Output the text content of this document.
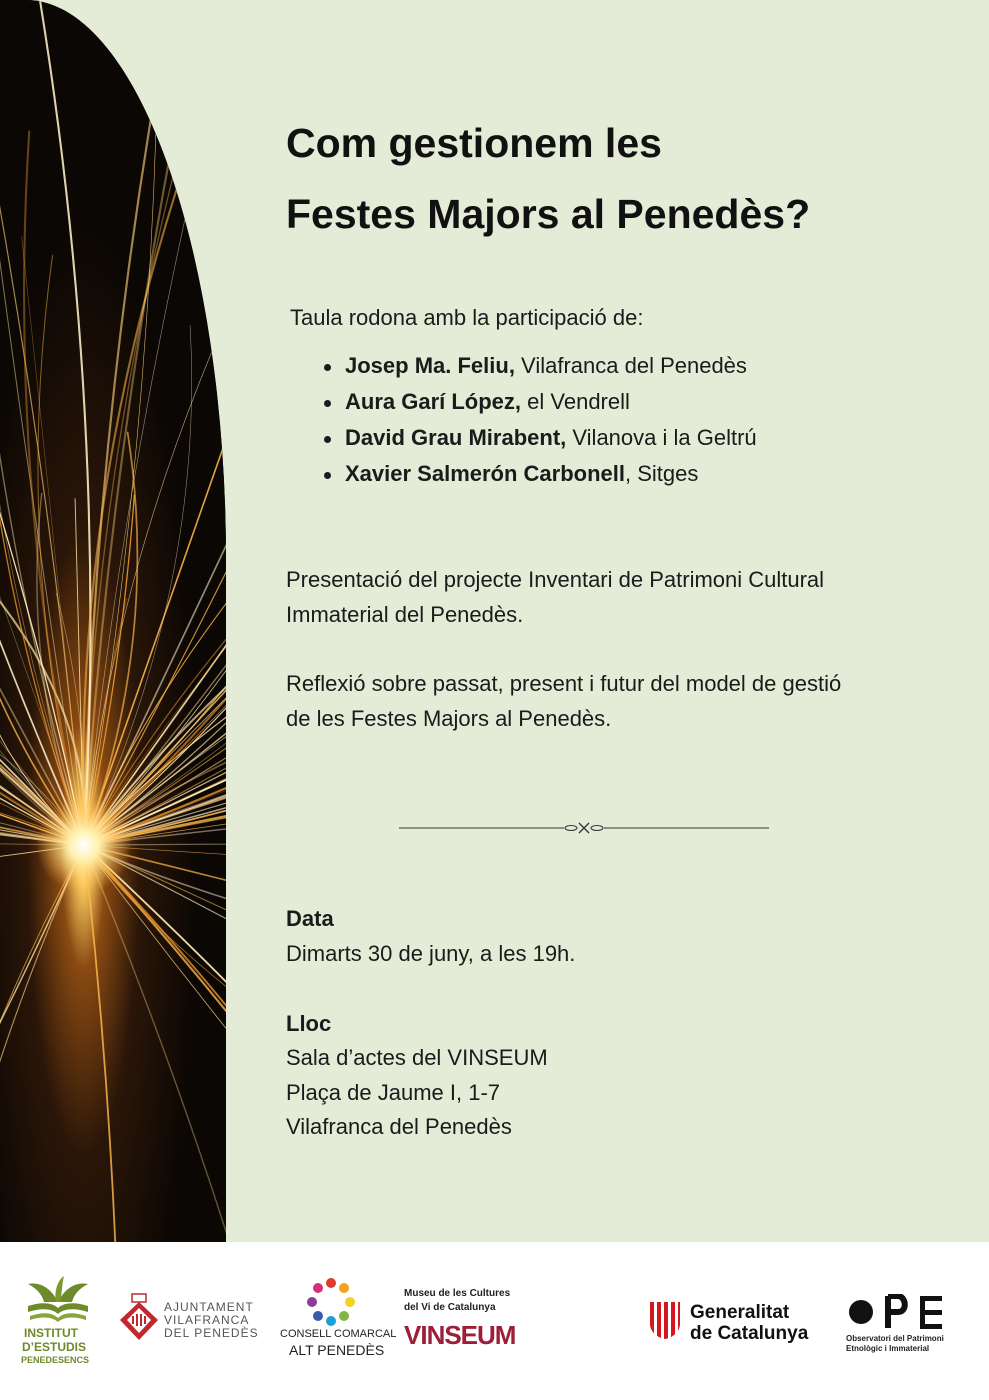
Com gestionem les
Festes Majors al Penedès?

Taula rodona amb la participació de:

Josep Ma. Feliu, Vilafranca del Penedès
Aura Garí López, el Vendrell
David Grau Mirabent, Vilanova i la Geltrú
Xavier Salmerón Carbonell, Sitges

Presentació del projecte Inventari de Patrimoni Cultural Immaterial del Penedès.

Reflexió sobre passat, present i futur del model de gestió de les Festes Majors al Penedès.

Data

Dimarts 30 de juny, a les 19h.

Lloc

Sala d’actes del VINSEUM

Plaça de Jaume I, 1-7

Vilafranca del Penedès

INSTITUT
D’ESTUDIS
PENEDESENCS
AJUNTAMENT
VILAFRANCA
DEL PENEDÈS CONSELL COMARCAL
ALT PENEDÈS
Museu de les Cultures
del Vi de Catalunya
VINSEUM
Generalitat
de Catalunya	Observatori del Patrimoni
Etnològic i Immaterial
